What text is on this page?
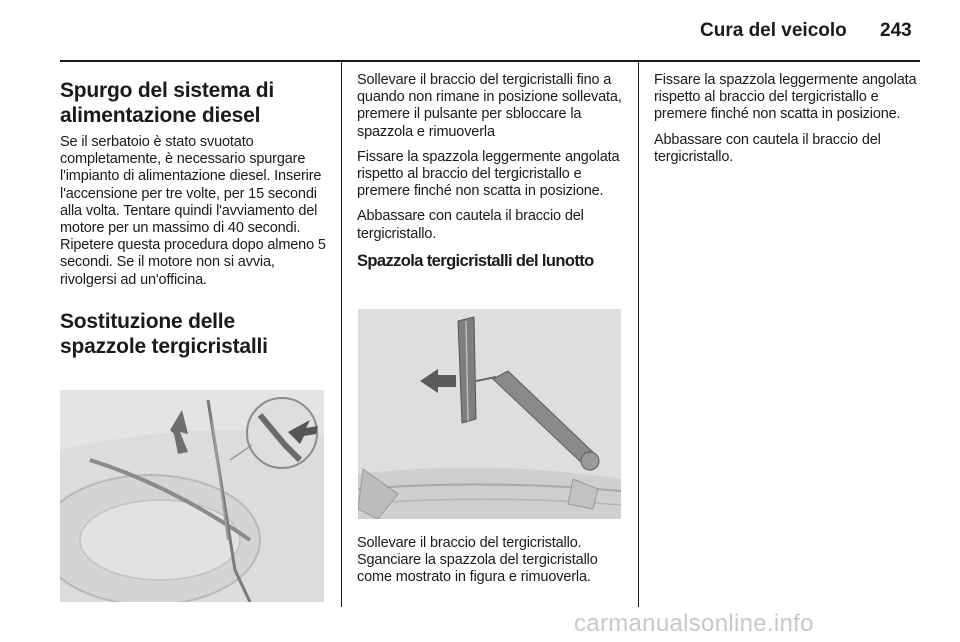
Cura del veicolo 243
Spurgo del sistema di alimentazione diesel

Se il serbatoio è stato svuotato completamente, è necessario spurgare l'impianto di alimentazione diesel. Inserire l'accensione per tre volte, per 15 secondi alla volta. Tentare quindi l'avviamento del motore per un massimo di 40 secondi. Ripetere questa procedura dopo almeno 5 secondi. Se il motore non si avvia, rivolgersi ad un'officina.

Sostituzione delle spazzole tergicristalli

Sollevare il braccio del tergicristalli fino a quando non rimane in posizione sollevata, premere il pulsante per sbloccare la spazzola e rimuoverla

Fissare la spazzola leggermente angolata rispetto al braccio del tergicristallo e premere finché non scatta in posizione.

Abbassare con cautela il braccio del tergicristallo.

Spazzola tergicristalli del lunotto

Sollevare il braccio del tergicristallo. Sganciare la spazzola del tergicristallo come mostrato in figura e rimuoverla.

Fissare la spazzola leggermente angolata rispetto al braccio del tergicristallo e premere finché non scatta in posizione.

Abbassare con cautela il braccio del tergicristallo.

carmanualsonline.info
